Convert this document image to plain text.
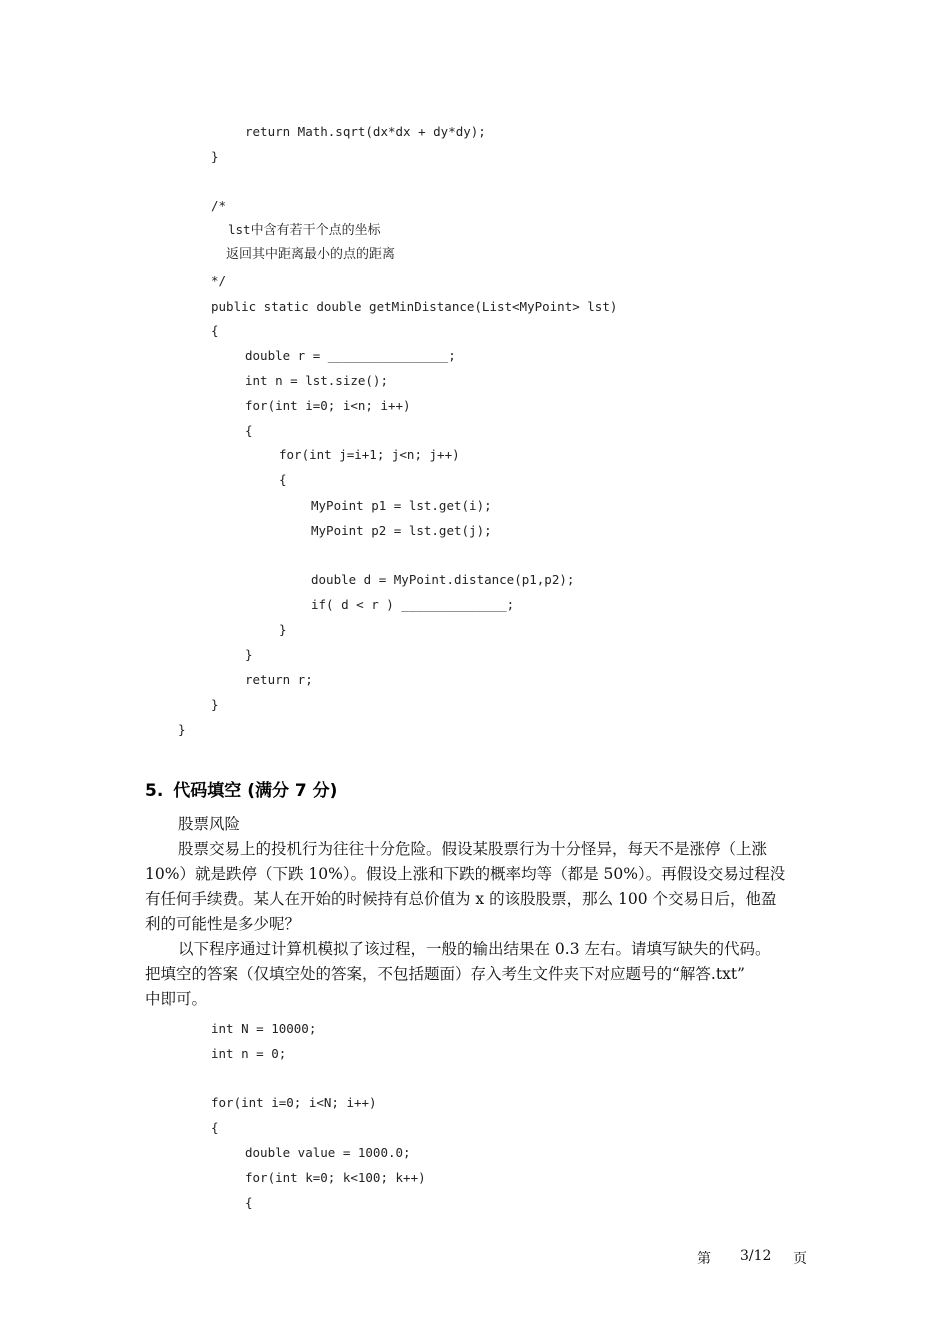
return Math.sqrt(dx*dx + dy*dy);
}
/*
lst中含有若干个点的坐标
返回其中距离最小的点的距离
*/
public static double getMinDistance(List<MyPoint> lst)
{
double r = ________________;
int n = lst.size();
for(int i=0; i<n; i++)
{
for(int j=i+1; j<n; j++)
{
MyPoint p1 = lst.get(i);
MyPoint p2 = lst.get(j);
double d = MyPoint.distance(p1,p2);
if( d < r ) ______________;
}
}
return r;
}
}
5. 代码填空 (满分 7 分)
股票风险
股票交易上的投机行为往往十分危险。假设某股票行为十分怪异，每天不是涨停（上涨
10%）就是跌停（下跌 10%）。假设上涨和下跌的概率均等（都是 50%）。再假设交易过程没
有任何手续费。某人在开始的时候持有总价值为 x 的该股股票，那么 100 个交易日后，他盈
利的可能性是多少呢？
以下程序通过计算机模拟了该过程，一般的输出结果在 0.3 左右。请填写缺失的代码。
把填空的答案（仅填空处的答案，不包括题面）存入考生文件夹下对应题号的“解答.txt”
中即可。
int N = 10000;
int n = 0;
for(int i=0; i<N; i++)
{
double value = 1000.0;
for(int k=0; k<100; k++)
{
第 3/12 页
